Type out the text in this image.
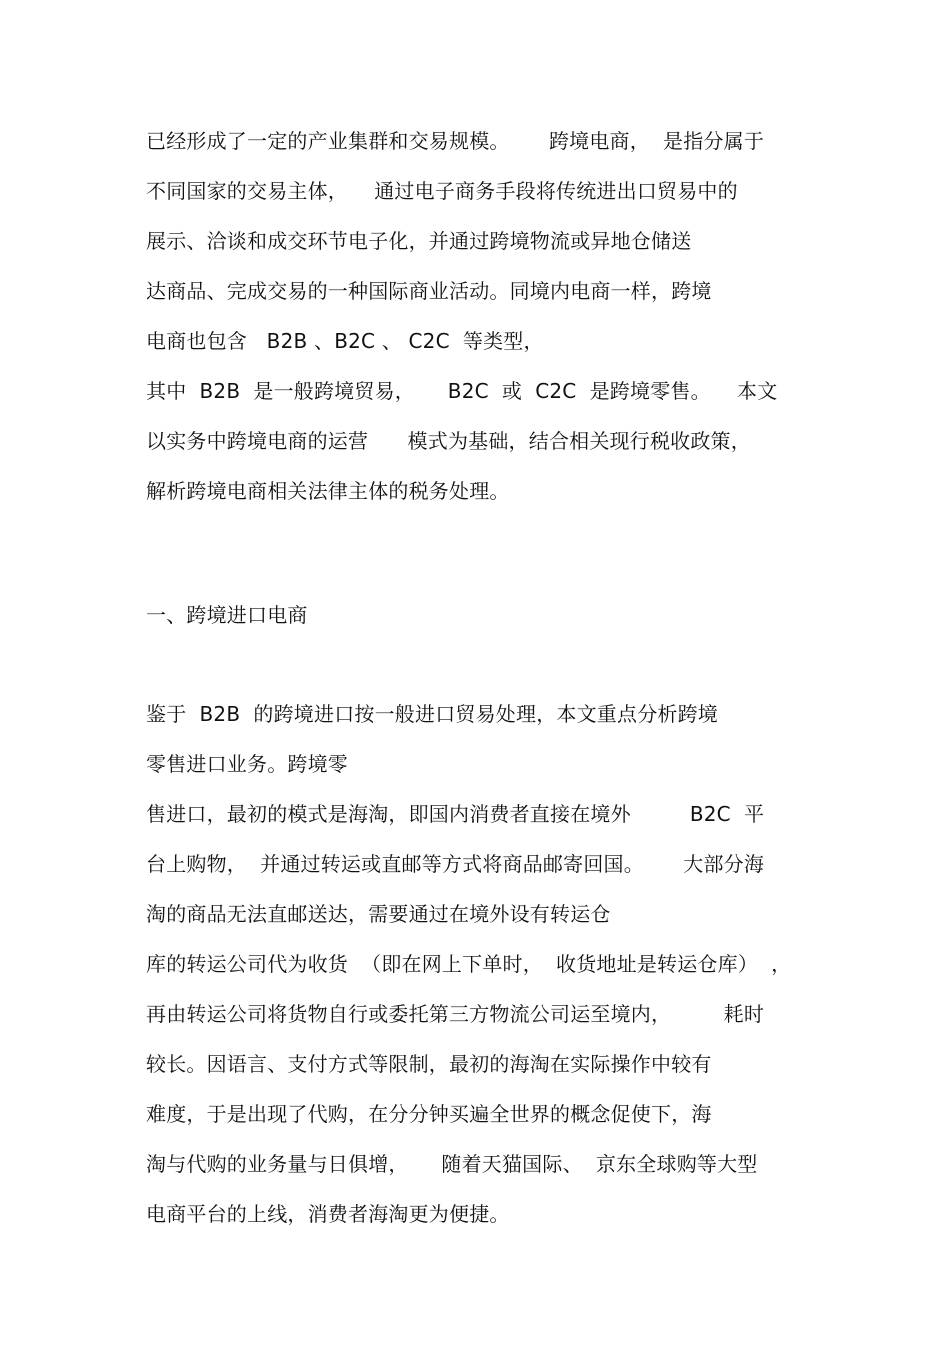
已经形成了一定的产业集群和交易规模。      跨境电商，  是指分属于
不同国家的交易主体，    通过电子商务手段将传统进出口贸易中的
展示、洽谈和成交环节电子化，并通过跨境物流或异地仓储送
达商品、完成交易的一种国际商业活动。同境内电商一样，跨境
电商也包含   B2B 、B2C 、 C2C  等类型，
其中  B2B  是一般跨境贸易，     B2C  或  C2C  是跨境零售。    本文
以实务中跨境电商的运营      模式为基础，结合相关现行税收政策，
解析跨境电商相关法律主体的税务处理。
一、跨境进口电商
鉴于  B2B  的跨境进口按一般进口贸易处理，本文重点分析跨境
零售进口业务。跨境零
售进口，最初的模式是海淘，即国内消费者直接在境外         B2C  平
台上购物，  并通过转运或直邮等方式将商品邮寄回国。      大部分海
淘的商品无法直邮送达，需要通过在境外设有转运仓
库的转运公司代为收货  （即在网上下单时，  收货地址是转运仓库）  ，
再由转运公司将货物自行或委托第三方物流公司运至境内，        耗时
较长。因语言、支付方式等限制，最初的海淘在实际操作中较有
难度，于是出现了代购，在分分钟买遍全世界的概念促使下，海
淘与代购的业务量与日俱增，     随着天猫国际、  京东全球购等大型
电商平台的上线，消费者海淘更为便捷。
